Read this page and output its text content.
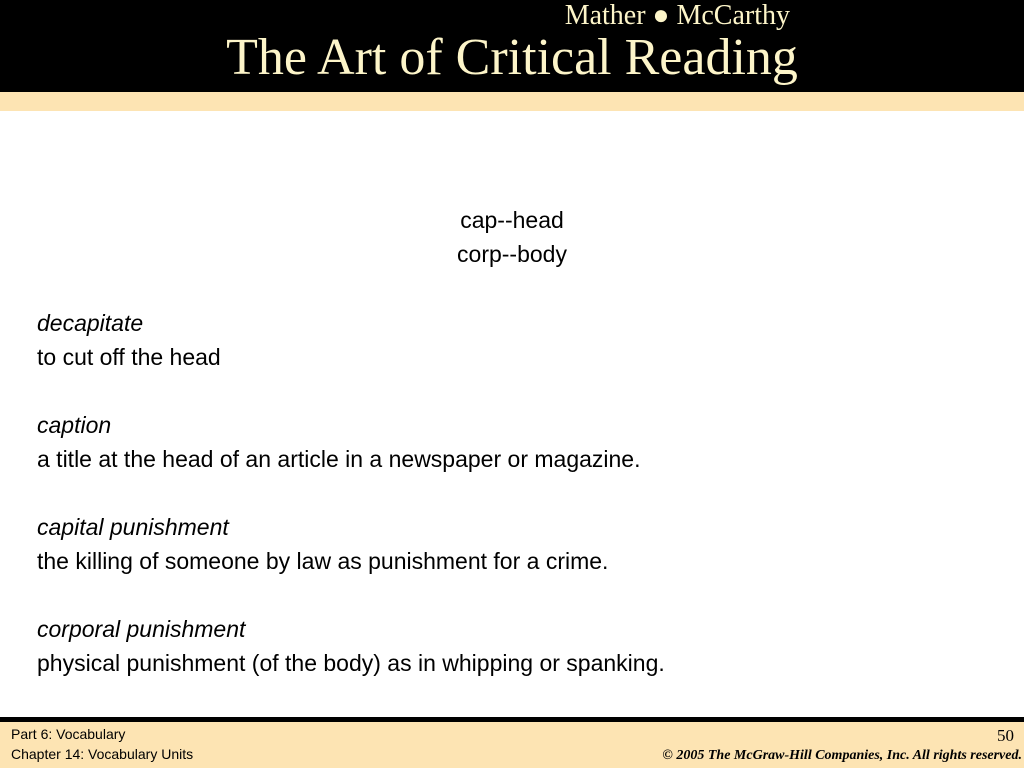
Mather ● McCarthy
The Art of Critical Reading
cap--head
corp--body
decapitate
to cut off the head
caption
a title at the head of an article in a newspaper or magazine.
capital punishment
the killing of someone by law as punishment for a crime.
corporal punishment
physical punishment (of the body) as in whipping or spanking.
Part 6: Vocabulary
Chapter 14: Vocabulary Units
50
© 2005 The McGraw-Hill Companies, Inc. All rights reserved.
